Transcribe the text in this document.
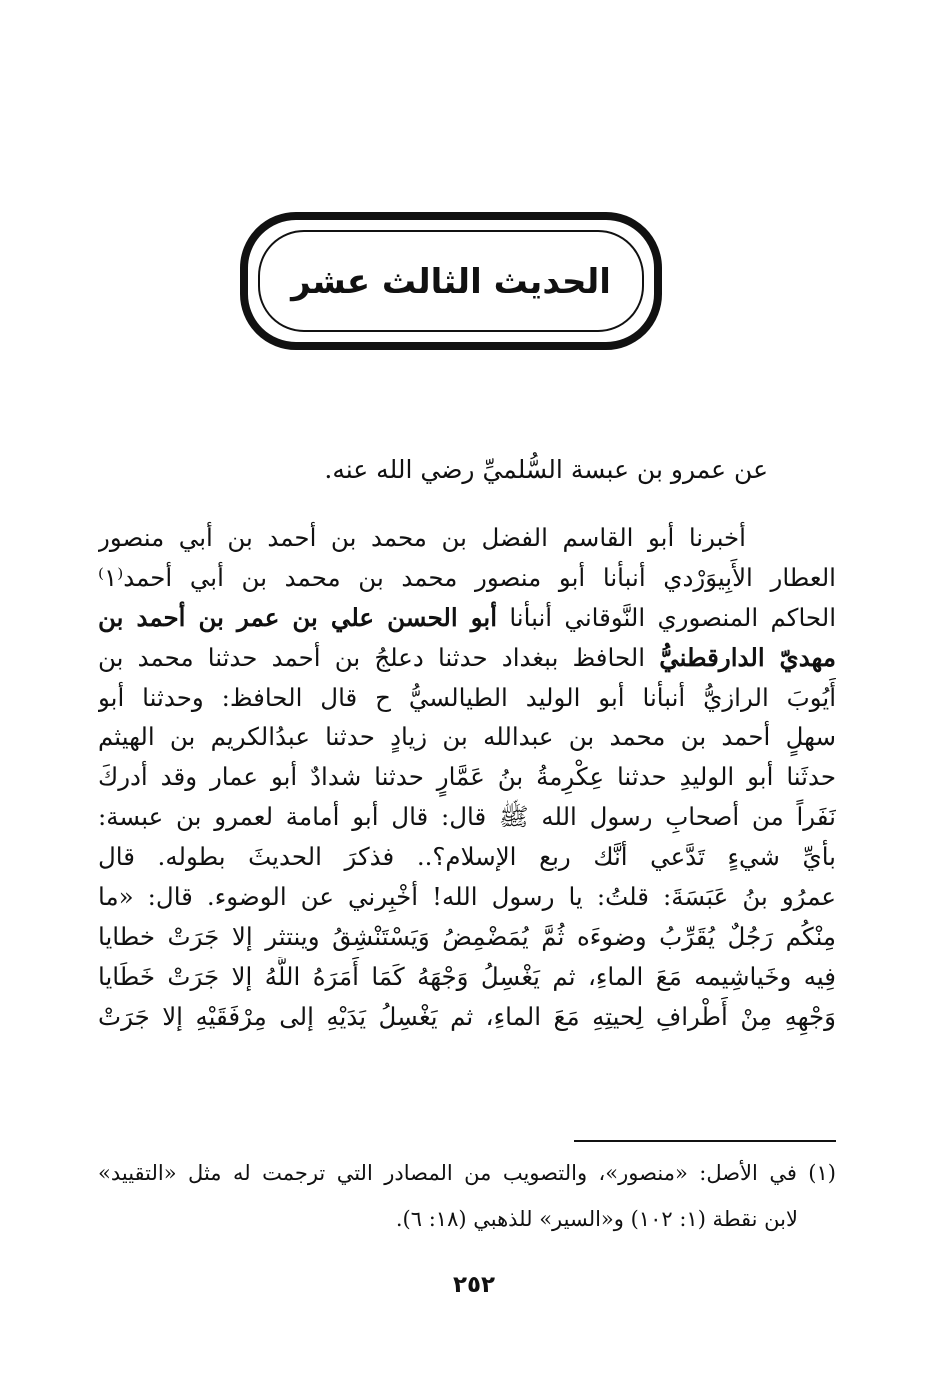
الحديث الثالث عشر
عن عمرو بن عبسة السُّلميِّ رضي الله عنه.
أخبرنا أبو القاسم الفضل بن محمد بن أحمد بن أبي منصور
العطار الأَبِيوَرْدي أنبأنا أبو منصور محمد بن محمد بن أبي أحمد⁽١⁾
الحاكم المنصوري النَّوقاني أنبأنا أبو الحسن علي بن عمر بن أحمد بن
مهديّ الدارقطنيُّ الحافظ ببغداد حدثنا دعلجُ بن أحمد حدثنا محمد بن
أَيُوبَ الرازيُّ أنبأنا أبو الوليد الطيالسيُّ ح قال الحافظ: وحدثنا أبو
سهلٍ أحمد بن محمد بن عبدالله بن زيادٍ حدثنا عبدُالكريم بن الهيثم
حدثَنا أبو الوليدِ حدثنا عِكْرِمةُ بنُ عَمَّارٍ حدثنا شدادٌ أبو عمار وقد أدركَ
نَفَراً من أصحابِ رسول الله ﷺ قال: قال أبو أمامة لعمرو بن عبسة:
بأيِّ شيءٍ تَدَّعي أنَّك ربع الإسلام؟.. فذكرَ الحديثَ بطوله. قال
عمرُو بنُ عَبَسَةَ: قلتُ: يا رسول الله! أخْبِرني عن الوضوء. قال: «ما
مِنْكُم رَجُلٌ يُقَرِّبُ وضوءَه ثُمَّ يُمَضْمِضُ وَيَسْتَنْشِقُ وينتثر إلا جَرَتْ خطايا
فِيه وخَياشِيمه مَعَ الماءِ، ثم يَغْسِلُ وَجْهَهُ كَمَا أَمَرَهُ اللَّهُ إلا جَرَتْ خَطَايا
وَجْهِهِ مِنْ أَطْرافِ لِحيتِهِ مَعَ الماءِ، ثم يَغْسِلُ يَدَيْهِ إلى مِرْفَقَيْهِ إلا جَرَتْ
(١) في الأصل: «منصور»، والتصويب من المصادر التي ترجمت له مثل «التقييد»
لابن نقطة (١: ١٠٢) و«السير» للذهبي (١٨: ٦).
٢٥٢
